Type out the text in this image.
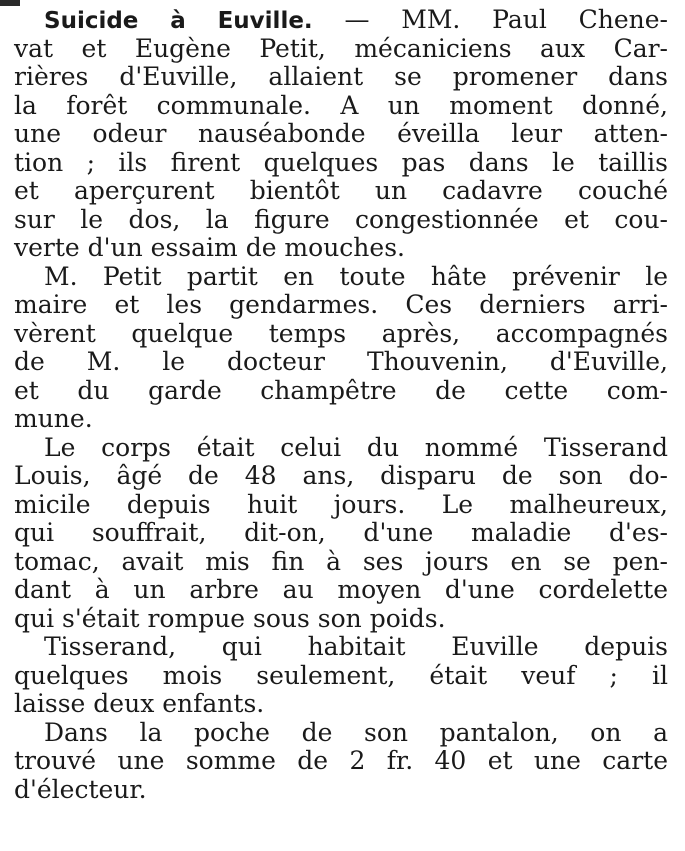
Suicide à Euville. — MM. Paul Chene-
vat et Eugène Petit, mécaniciens aux Car-
rières d'Euville, allaient se promener dans
la forêt communale. A un moment donné,
une odeur nauséabonde éveilla leur atten-
tion ; ils firent quelques pas dans le taillis
et aperçurent bientôt un cadavre couché
sur le dos, la figure congestionnée et cou-
verte d'un essaim de mouches.
M. Petit partit en toute hâte prévenir le
maire et les gendarmes. Ces derniers arri-
vèrent quelque temps après, accompagnés
de M. le docteur Thouvenin, d'Euville,
et du garde champêtre de cette com-
mune.
Le corps était celui du nommé Tisserand
Louis, âgé de 48 ans, disparu de son do-
micile depuis huit jours. Le malheureux,
qui souffrait, dit-on, d'une maladie d'es-
tomac, avait mis fin à ses jours en se pen-
dant à un arbre au moyen d'une cordelette
qui s'était rompue sous son poids.
Tisserand, qui habitait Euville depuis
quelques mois seulement, était veuf ; il
laisse deux enfants.
Dans la poche de son pantalon, on a
trouvé une somme de 2 fr. 40 et une carte
d'électeur.
